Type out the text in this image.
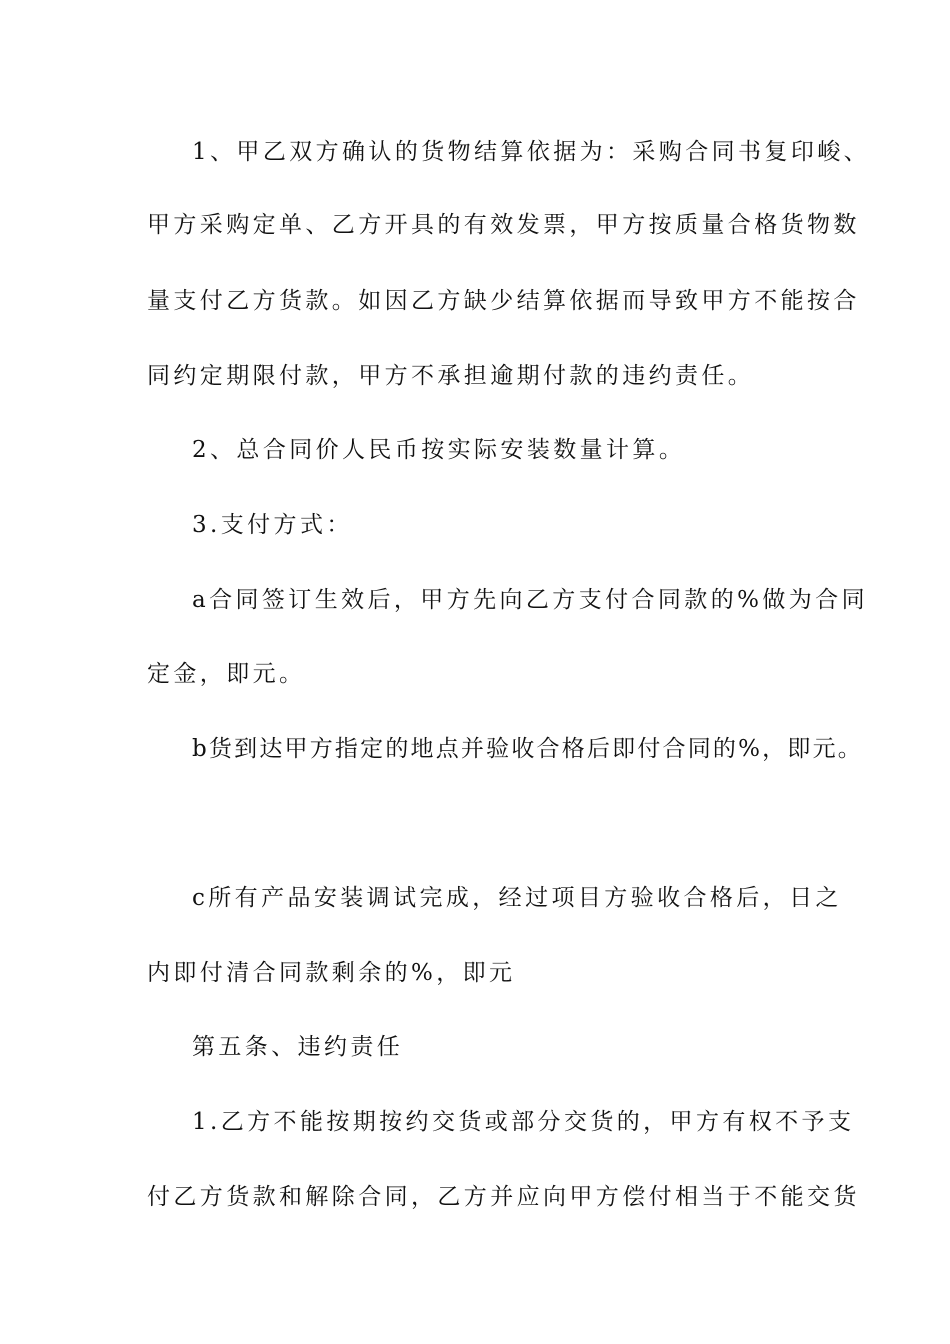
1、甲乙双方确认的货物结算依据为：采购合同书复印峻、
甲方采购定单、乙方开具的有效发票，甲方按质量合格货物数
量支付乙方货款。如因乙方缺少结算依据而导致甲方不能按合
同约定期限付款，甲方不承担逾期付款的违约责任。
2、总合同价人民币按实际安装数量计算。
3.支付方式：
a合同签订生效后，甲方先向乙方支付合同款的%做为合同
定金，即元。
b货到达甲方指定的地点并验收合格后即付合同的%，即元。
c所有产品安装调试完成，经过项目方验收合格后，日之
内即付清合同款剩余的%，即元
第五条、违约责任
1.乙方不能按期按约交货或部分交货的，甲方有权不予支
付乙方货款和解除合同，乙方并应向甲方偿付相当于不能交货
